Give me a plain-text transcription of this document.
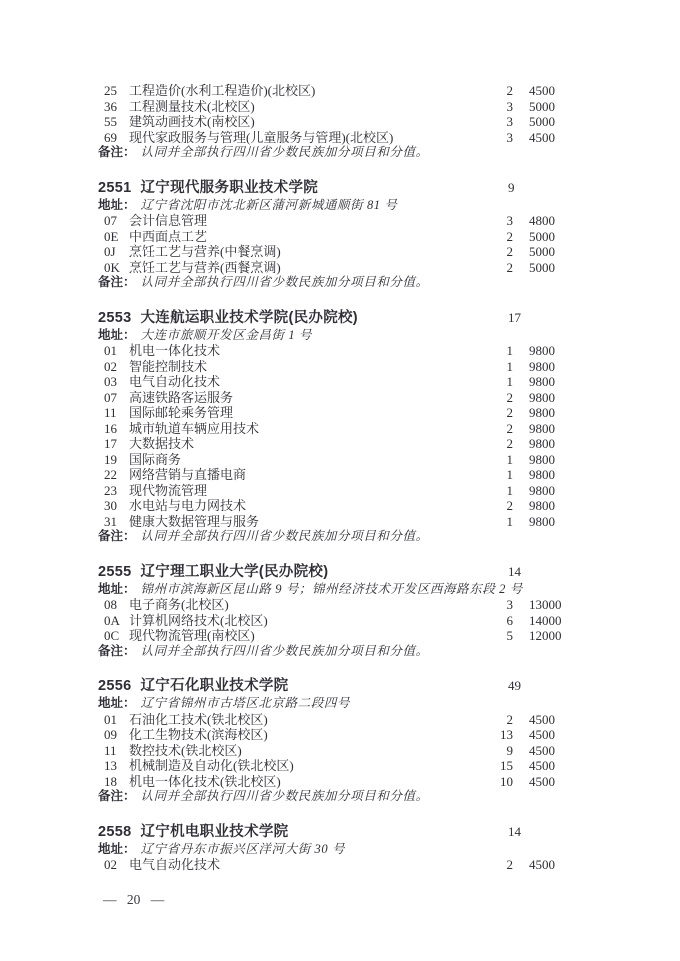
25 工程造价(水利工程造价)(北校区)	2	4500
36 工程测量技术(北校区)	3	5000
55 建筑动画技术(南校区)	3	5000
69 现代家政服务与管理(儿童服务与管理)(北校区)	3	4500
备注： 认同并全部执行四川省少数民族加分项目和分值。
2551 辽宁现代服务职业技术学院	9
地址： 辽宁省沈阳市沈北新区蒲河新城通顺街 81 号
07 会计信息管理	3	4800
0E 中西面点工艺	2	5000
0J	烹饪工艺与营养(中餐烹调)	2	5000
0K 烹饪工艺与营养(西餐烹调)	2	5000
备注： 认同并全部执行四川省少数民族加分项目和分值。
2553 大连航运职业技术学院(民办院校)	17
地址： 大连市旅顺开发区金昌街 1 号
01 机电一体化技术	1	9800
02 智能控制技术	1	9800
03 电气自动化技术	1	9800
07 高速铁路客运服务	2	9800
11 国际邮轮乘务管理	2	9800
16 城市轨道车辆应用技术	2	9800
17 大数据技术	2	9800
19 国际商务	1	9800
22 网络营销与直播电商	1	9800
23 现代物流管理	1	9800
30 水电站与电力网技术	2	9800
31 健康大数据管理与服务	1	9800
备注： 认同并全部执行四川省少数民族加分项目和分值。
2555 辽宁理工职业大学(民办院校)	14
地址： 锦州市滨海新区昆山路 9 号；锦州经济技术开发区西海路东段 2 号
08 电子商务(北校区)	3	13000
0A 计算机网络技术(北校区)	6	14000
0C 现代物流管理(南校区)	5	12000
备注： 认同并全部执行四川省少数民族加分项目和分值。
2556 辽宁石化职业技术学院	49
地址： 辽宁省锦州市古塔区北京路二段四号
01 石油化工技术(铁北校区)	2	4500
09 化工生物技术(滨海校区)	13	4500
11 数控技术(铁北校区)	9	4500
13 机械制造及自动化(铁北校区)	15	4500
18 机电一体化技术(铁北校区)	10	4500
备注： 认同并全部执行四川省少数民族加分项目和分值。
2558 辽宁机电职业技术学院	14
地址： 辽宁省丹东市振兴区洋河大街 30 号
02 电气自动化技术	2	4500
— 20 —
